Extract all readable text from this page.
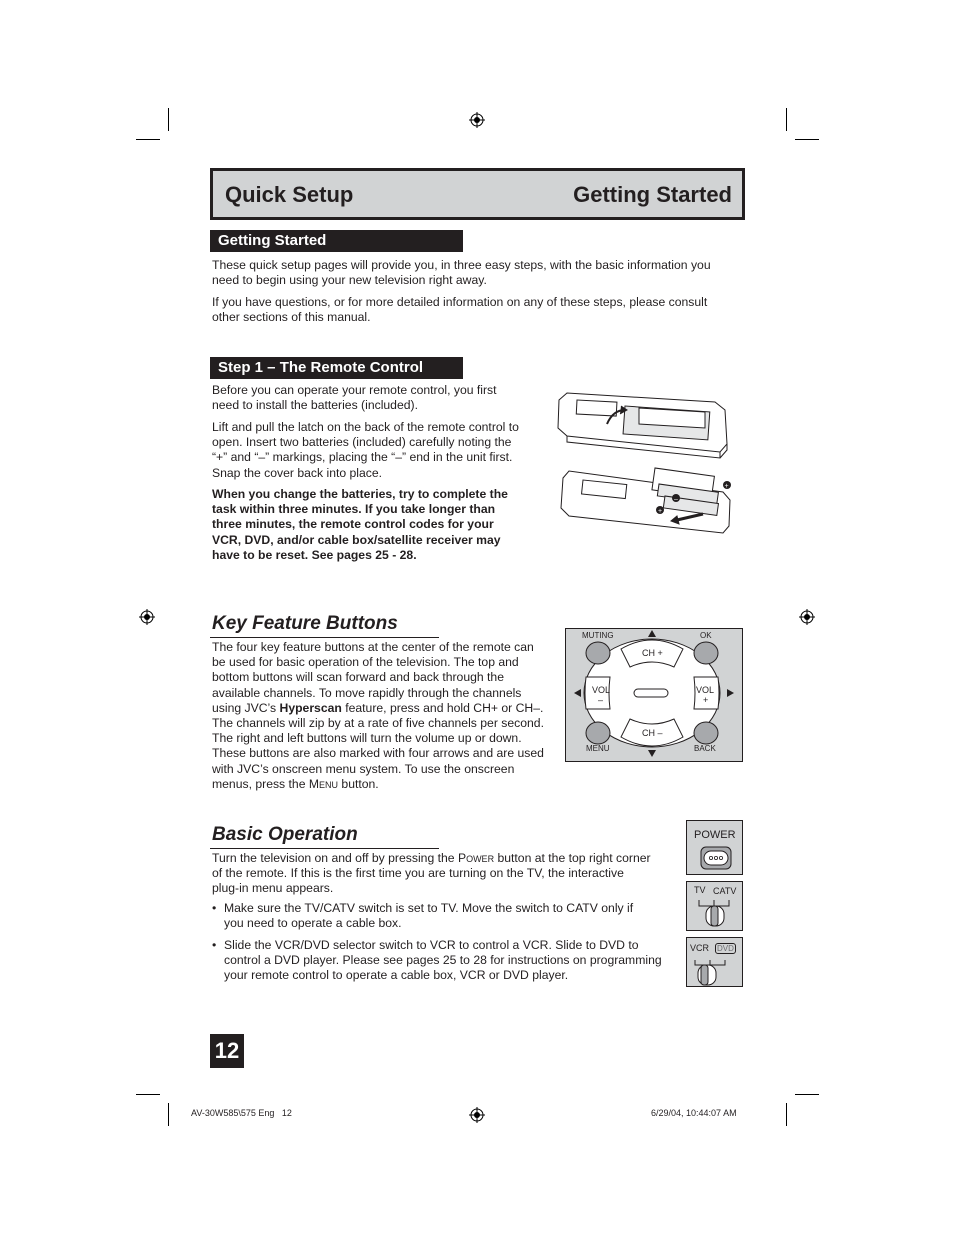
Quick Setup	Getting Started
Getting Started

These quick setup pages will provide you, in three easy steps, with the basic information you need to begin using your new television right away.

If you have questions, or for more detailed information on any of these steps, please consult other sections of this manual.

Step 1 – The Remote Control

Before you can operate your remote control, you first need to install the batteries (included).

Lift and pull the latch on the back of the remote control to open. Insert two batteries (included) carefully noting the “+” and “–” markings, placing the “–” end in the unit first. Snap the cover back into place.

When you change the batteries, try to complete the task within three minutes. If you take longer than three minutes, the remote control codes for your VCR, DVD, and/or cable box/satellite receiver may have to be reset. See pages 25 - 28.

–
+
+
Key Feature Buttons

The four key feature buttons at the center of the remote can be used for basic operation of the television. The top and bottom buttons will scan forward and back through the available channels. To move rapidly through the channels using JVC’s Hyperscan feature, press and hold CH+ or CH–. The channels will zip by at a rate of five channels per second. The right and left buttons will turn the volume up or down. These buttons are also marked with four arrows and are used with JVC’s onscreen menu system. To use the onscreen menus, press the Menu button.

MUTING	OK
CH +
CH –
VOL
–
VOL
+
MENU	BACK
Basic Operation

Turn the television on and off by pressing the Power button at the top right corner of the remote. If this is the first time you are turning on the TV, the interactive plug-in menu appears.

• Make sure the TV/CATV switch is set to TV. Move the switch to CATV only if you need to operate a cable box.

• Slide the VCR/DVD selector switch to VCR to control a VCR. Slide to DVD to control a DVD player. Please see pages 25 to 28 for instructions on programming your remote control to operate a cable box, VCR or DVD player.

POWER
TV CATV
VCR DVD
12
AV-30W585\575 Eng   12	6/29/04, 10:44:07 AM
